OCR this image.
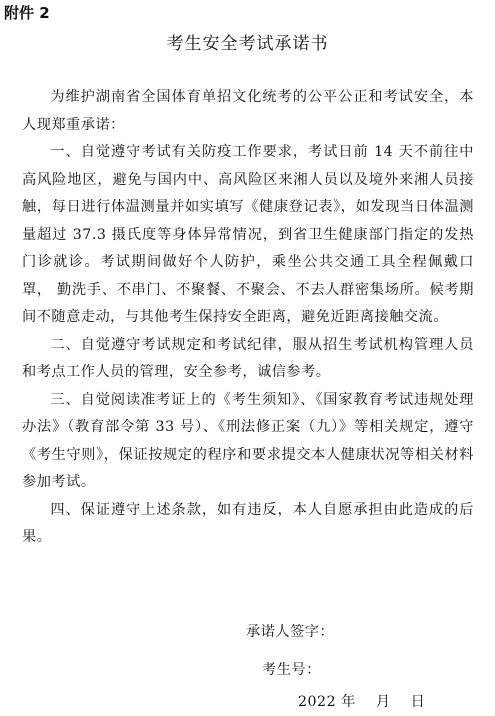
附件 2

考生安全考试承诺书

为维护湖南省全国体育单招文化统考的公平公正和考试安全，本人现郑重承诺：

一、自觉遵守考试有关防疫工作要求，考试日前 14 天不前往中高风险地区，避免与国内中、高风险区来湘人员以及境外来湘人员接触，每日进行体温测量并如实填写《健康登记表》，如发现当日体温测量超过 37.3 摄氏度等身体异常情况，到省卫生健康部门指定的发热门诊就诊。考试期间做好个人防护，乘坐公共交通工具全程佩戴口罩， 勤洗手、不串门、不聚餐、不聚会、不去人群密集场所。候考期间不随意走动，与其他考生保持安全距离，避免近距离接触交流。

二、自觉遵守考试规定和考试纪律，服从招生考试机构管理人员和考点工作人员的管理，安全参考，诚信参考。

三、自觉阅读准考证上的《考生须知》、《国家教育考试违规处理办法》（教育部令第 33 号）、《刑法修正案（九）》等相关规定，遵守《考生守则》，保证按规定的程序和要求提交本人健康状况等相关材料参加考试。

四、保证遵守上述条款，如有违反，本人自愿承担由此造成的后果。

承诺人签字：

考生号：

2022 年 月 日
